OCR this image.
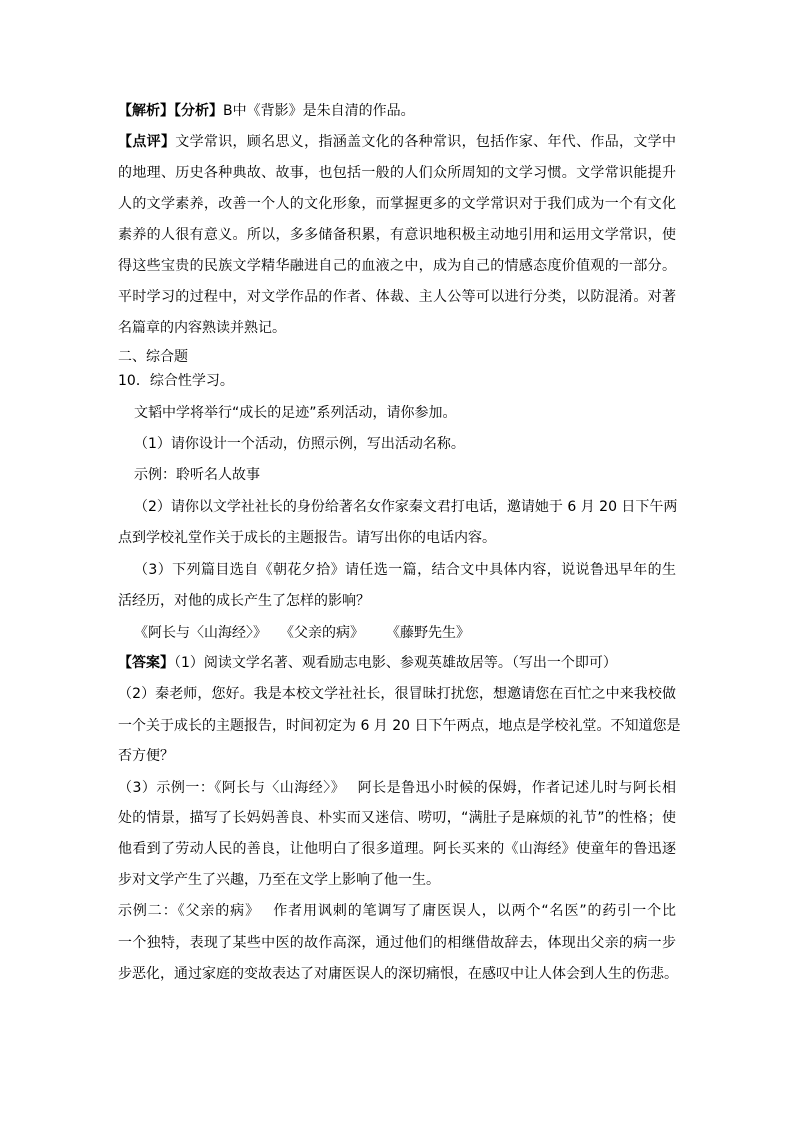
【解析】【分析】B中《背影》是朱自清的作品。
【点评】文学常识，顾名思义，指涵盖文化的各种常识，包括作家、年代、作品，文学中
的地理、历史各种典故、故事，也包括一般的人们众所周知的文学习惯。文学常识能提升
人的文学素养，改善一个人的文化形象，而掌握更多的文学常识对于我们成为一个有文化
素养的人很有意义。所以，多多储备积累，有意识地积极主动地引用和运用文学常识，使
得这些宝贵的民族文学精华融进自己的血液之中，成为自己的情感态度价值观的一部分。
平时学习的过程中，对文学作品的作者、体裁、主人公等可以进行分类，以防混淆。对著
名篇章的内容熟读并熟记。
二、综合题
10．综合性学习。
文韬中学将举行“成长的足迹”系列活动，请你参加。
（1）请你设计一个活动，仿照示例，写出活动名称。
示例：聆听名人故事
（2）请你以文学社社长的身份给著名女作家秦文君打电话，邀请她于 6 月 20 日下午两
点到学校礼堂作关于成长的主题报告。请写出你的电话内容。
（3）下列篇目选自《朝花夕拾》请任选一篇，结合文中具体内容，说说鲁迅早年的生
活经历，对他的成长产生了怎样的影响？
《阿长与〈山海经〉》 《父亲的病》 《藤野先生》
【答案】（1）阅读文学名著、观看励志电影、参观英雄故居等。（写出一个即可）
（2）秦老师，您好。我是本校文学社社长，很冒昧打扰您，想邀请您在百忙之中来我校做
一个关于成长的主题报告，时间初定为 6 月 20 日下午两点，地点是学校礼堂。不知道您是
否方便？
（3）示例一：《阿长与〈山海经〉》　 阿长是鲁迅小时候的保姆，作者记述儿时与阿长相
处的情景，描写了长妈妈善良、朴实而又迷信、唠叨，“满肚子是麻烦的礼节”的性格；使
他看到了劳动人民的善良，让他明白了很多道理。阿长买来的《山海经》使童年的鲁迅逐
步对文学产生了兴趣，乃至在文学上影响了他一生。
示例二：《父亲的病》　 作者用讽刺的笔调写了庸医误人，以两个“名医”的药引一个比
一个独特，表现了某些中医的故作高深，通过他们的相继借故辞去，体现出父亲的病一步
步恶化，通过家庭的变故表达了对庸医误人的深切痛恨，在感叹中让人体会到人生的伤悲。
